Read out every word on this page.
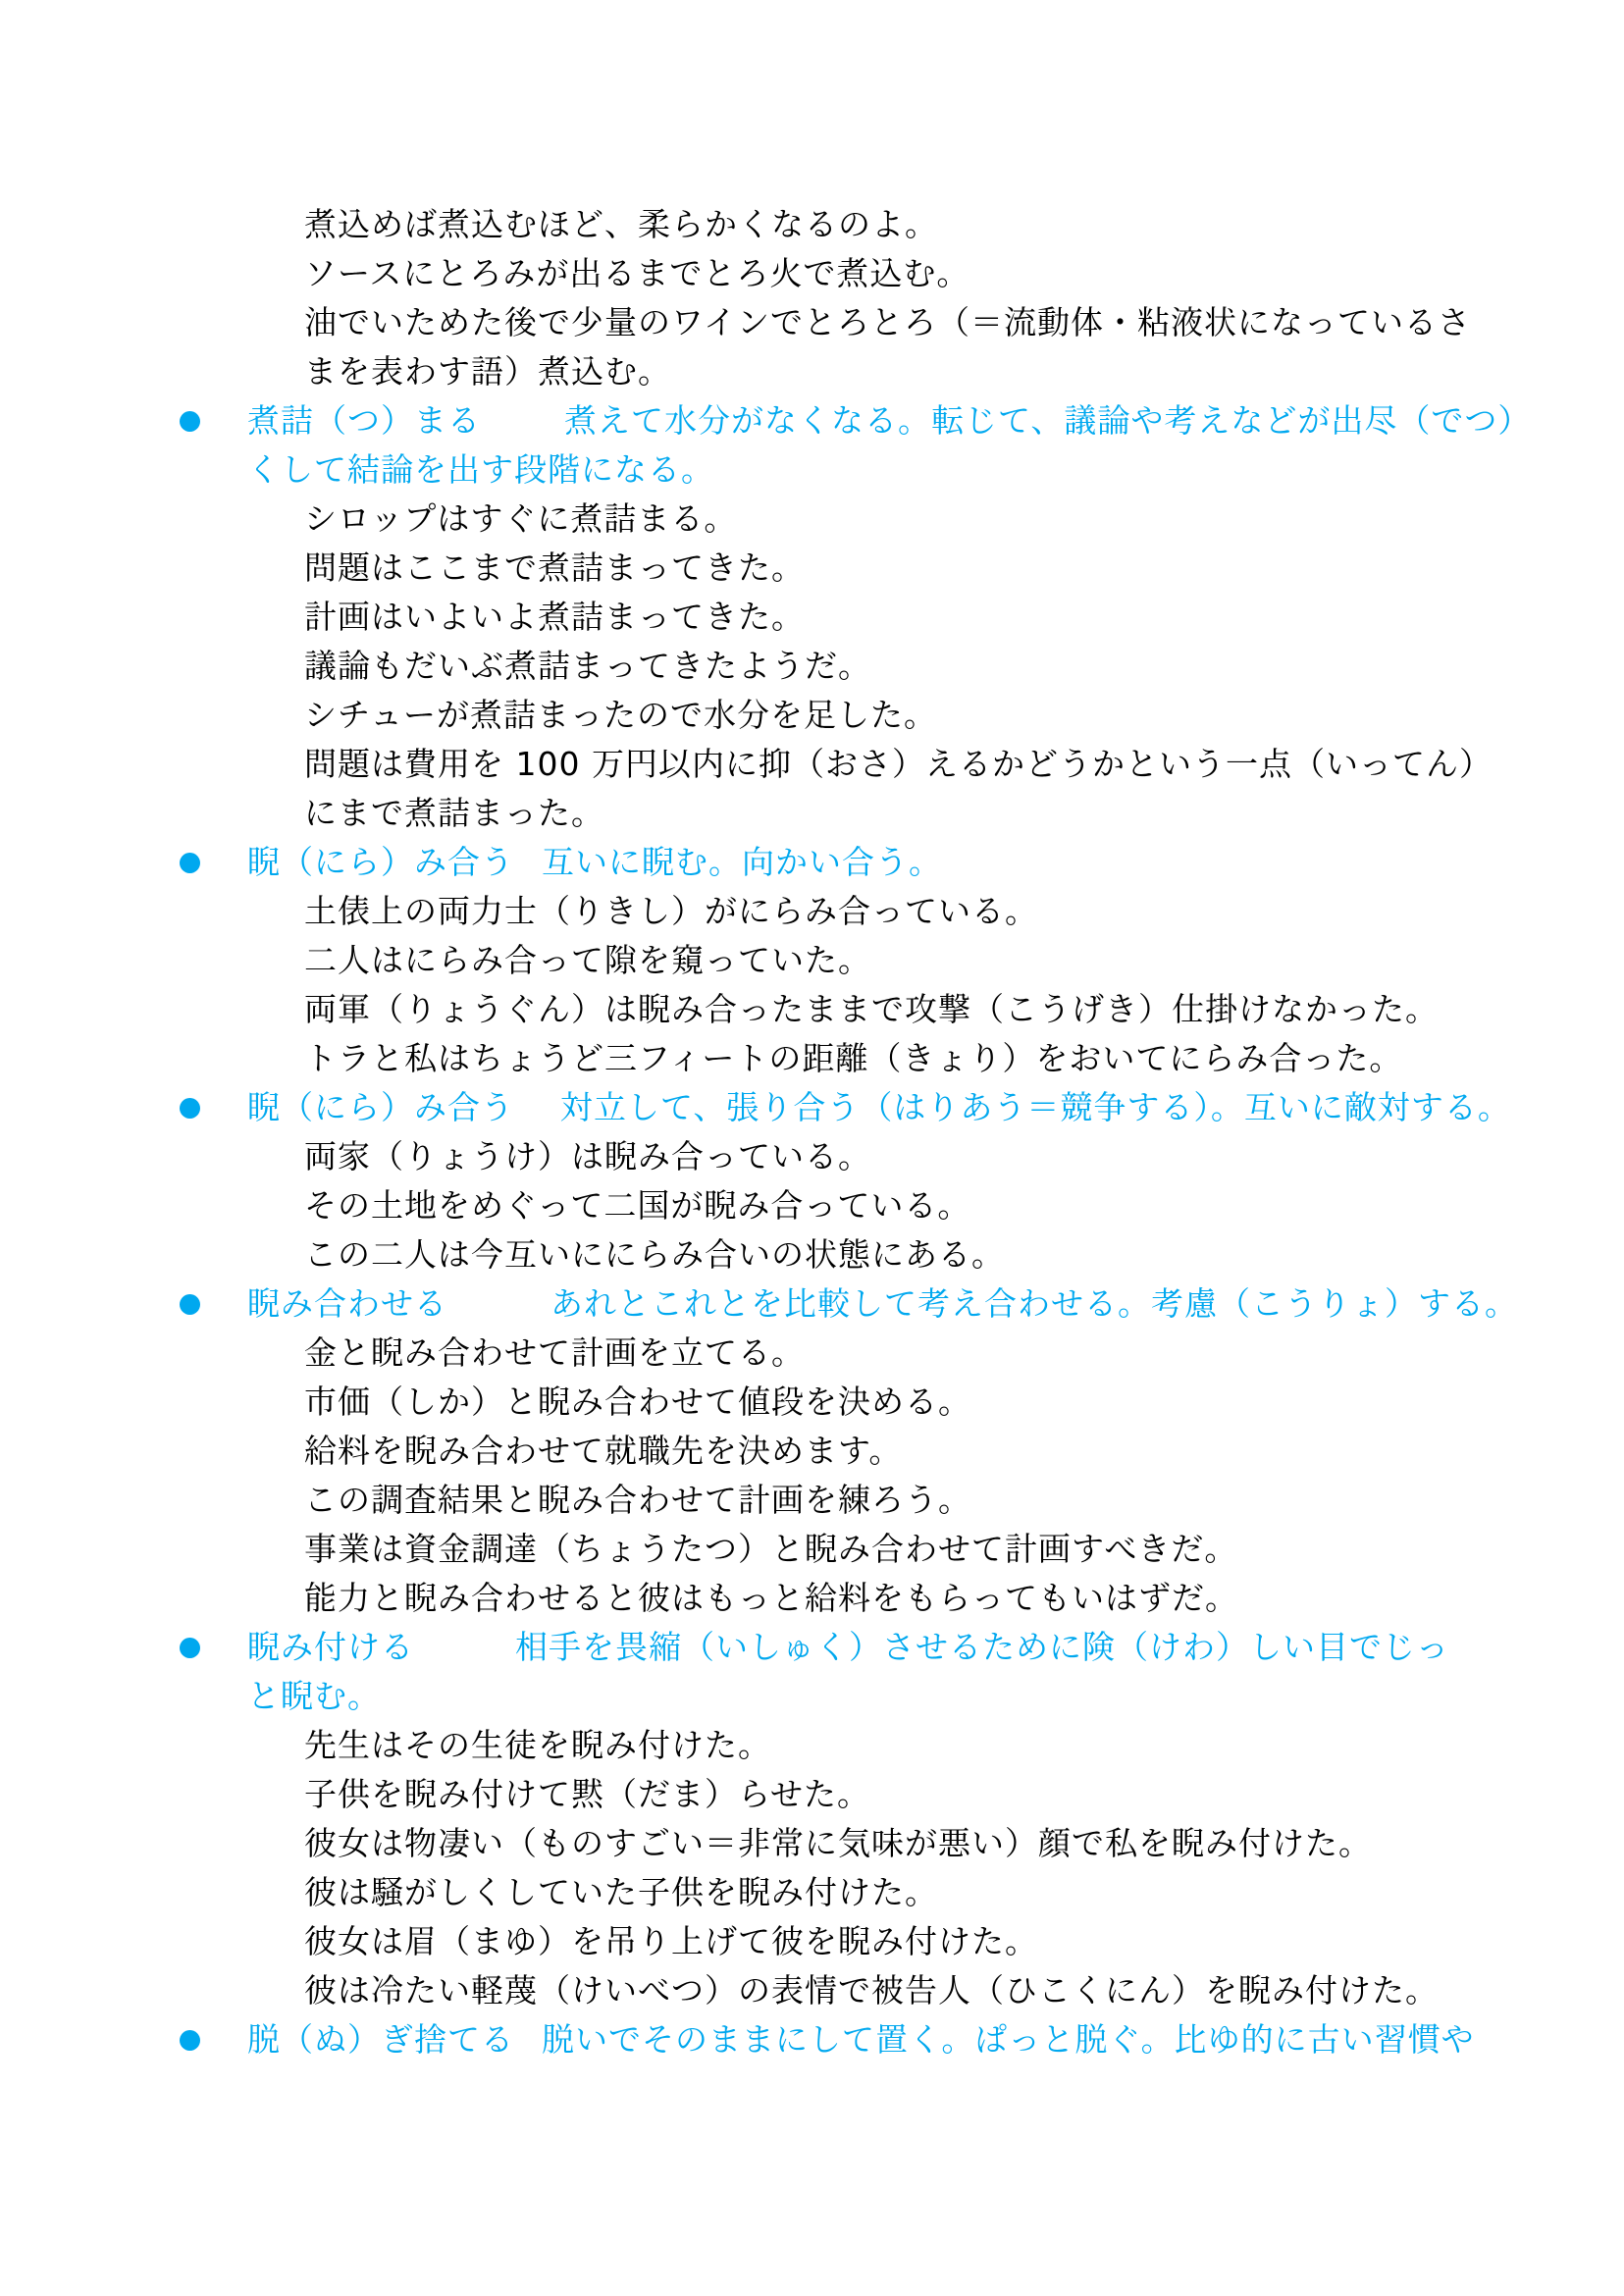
煮込めば煮込むほど、柔らかくなるのよ。
ソースにとろみが出るまでとろ火で煮込む。
油でいためた後で少量のワインでとろとろ（＝流動体・粘液状になっているさ
まを表わす語）煮込む。
煮詰（つ）まる	煮えて水分がなくなる。転じて、議論や考えなどが出尽（でつ）
くして結論を出す段階になる。
シロップはすぐに煮詰まる。
問題はここまで煮詰まってきた。
計画はいよいよ煮詰まってきた。
議論もだいぶ煮詰まってきたようだ。
シチューが煮詰まったので水分を足した。
問題は費用を 100 万円以内に抑（おさ）えるかどうかという一点（いってん）
にまで煮詰まった。
睨（にら）み合う 互いに睨む。向かい合う。
土俵上の両力士（りきし）がにらみ合っている。
二人はにらみ合って隙を窺っていた。
両軍（りょうぐん）は睨み合ったままで攻撃（こうげき）仕掛けなかった。
トラと私はちょうど三フィートの距離（きょり）をおいてにらみ合った。
睨（にら）み合う 対立して、張り合う（はりあう＝競争する）。互いに敵対する。
両家（りょうけ）は睨み合っている。
その土地をめぐって二国が睨み合っている。
この二人は今互いににらみ合いの状態にある。
睨み合わせる	あれとこれとを比較して考え合わせる。考慮（こうりょ）する。
金と睨み合わせて計画を立てる。
市価（しか）と睨み合わせて値段を決める。
給料を睨み合わせて就職先を決めます。
この調査結果と睨み合わせて計画を練ろう。
事業は資金調達（ちょうたつ）と睨み合わせて計画すべきだ。
能力と睨み合わせると彼はもっと給料をもらってもいはずだ。
睨み付ける	相手を畏縮（いしゅく）させるために険（けわ）しい目でじっ
と睨む。
先生はその生徒を睨み付けた。
子供を睨み付けて黙（だま）らせた。
彼女は物凄い（ものすごい＝非常に気味が悪い）顔で私を睨み付けた。
彼は騒がしくしていた子供を睨み付けた。
彼女は眉（まゆ）を吊り上げて彼を睨み付けた。
彼は冷たい軽蔑（けいべつ）の表情で被告人（ひこくにん）を睨み付けた。
脱（ぬ）ぎ捨てる 脱いでそのままにして置く。ぱっと脱ぐ。比ゆ的に古い習慣や
